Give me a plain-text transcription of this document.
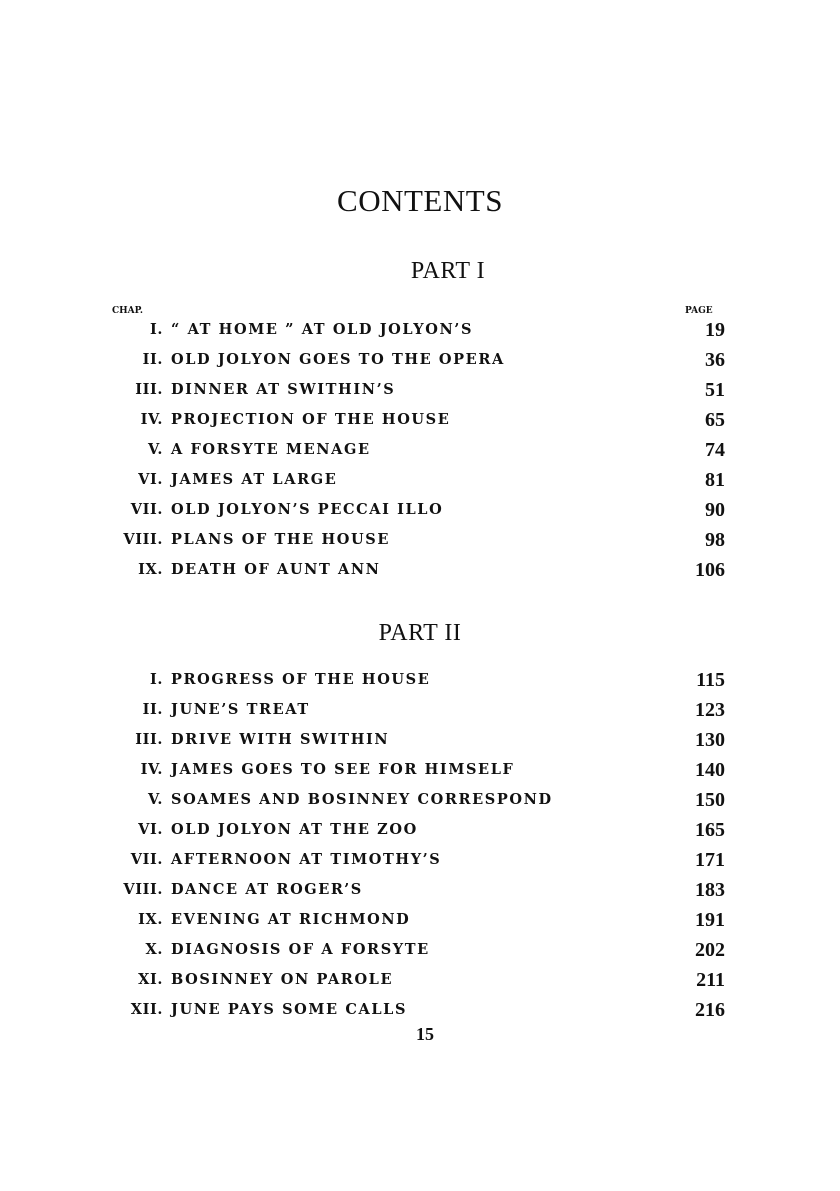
CONTENTS
PART I
CHAP.	PAGE
I. “ AT HOME ” AT OLD JOLYON’S	19
II. OLD JOLYON GOES TO THE OPERA	36
III. DINNER AT SWITHIN’S	51
IV. PROJECTION OF THE HOUSE	65
V. A FORSYTE MENAGE	74
VI. JAMES AT LARGE	81
VII. OLD JOLYON’S PECCAI ILLO	90
VIII. PLANS OF THE HOUSE	98
IX. DEATH OF AUNT ANN	106
PART II
I. PROGRESS OF THE HOUSE	115
II. JUNE’S TREAT	123
III. DRIVE WITH SWITHIN	130
IV. JAMES GOES TO SEE FOR HIMSELF	140
V. SOAMES AND BOSINNEY CORRESPOND	150
VI. OLD JOLYON AT THE ZOO	165
VII. AFTERNOON AT TIMOTHY’S	171
VIII. DANCE AT ROGER’S	183
IX. EVENING AT RICHMOND	191
X. DIAGNOSIS OF A FORSYTE	202
XI. BOSINNEY ON PAROLE	211
XII. JUNE PAYS SOME CALLS	216
15
